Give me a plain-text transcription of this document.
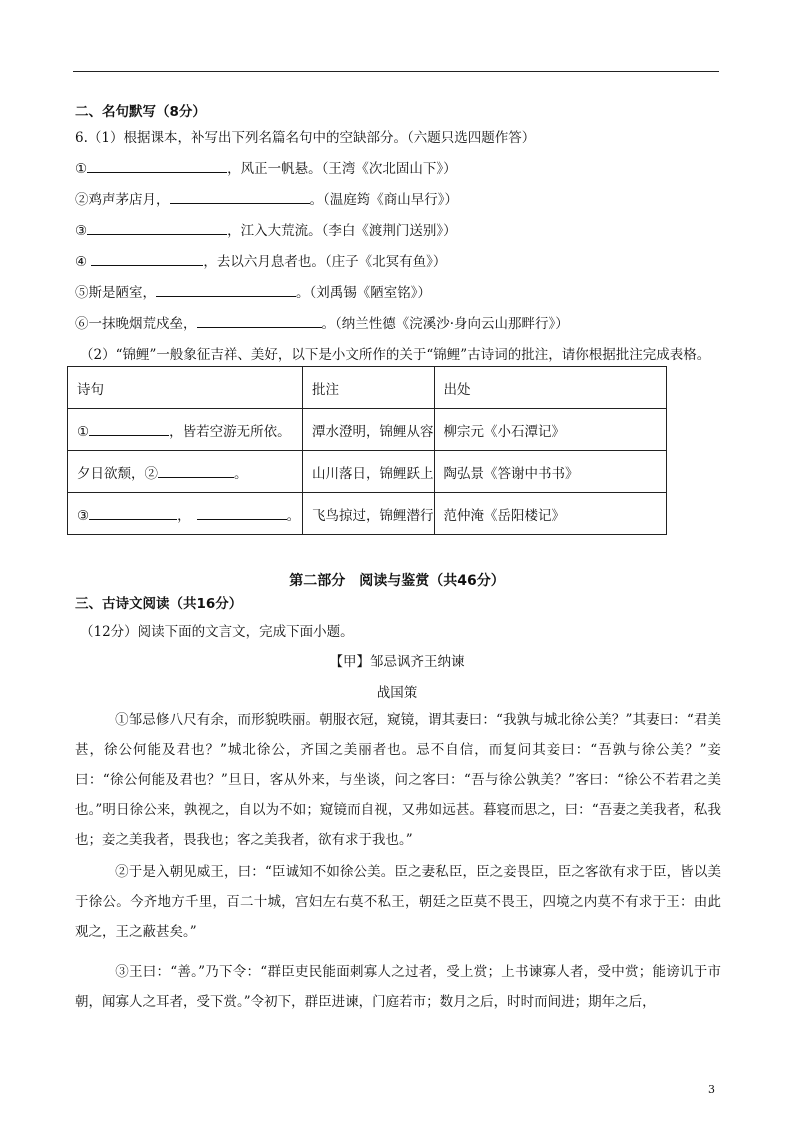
二、名句默写（8分）
6.（1）根据课本，补写出下列名篇名句中的空缺部分。（六题只选四题作答）
①	，风正一帆悬。（王湾《次北固山下》）
②鸡声茅店月，	。（温庭筠《商山早行》）
③	，江入大荒流。（李白《渡荆门送别》）
④	，去以六月息者也。（庄子《北冥有鱼》）
⑤斯是陋室，	。（刘禹锡《陋室铭》）
⑥一抹晚烟荒戍垒，	。（纳兰性德《浣溪沙·身向云山那畔行》）
（2）“锦鲤”一般象征吉祥、美好，以下是小文所作的关于“锦鲤”古诗词的批注，请你根据批注完成表格。
诗句	批注	出处
① ，皆若空游无所依。	潭水澄明，锦鲤从容	柳宗元《小石潭记》
夕日欲颓，② 。	山川落日，锦鲤跃上	陶弘景《答谢中书书》
③ ， 。	飞鸟掠过，锦鲤潜行	范仲淹《岳阳楼记》
第二部分　阅读与鉴赏（共46分）
三、古诗文阅读（共16分）
（12分）阅读下面的文言文，完成下面小题。
【甲】邹忌讽齐王纳谏
战国策
①邹忌修八尺有余，而形貌昳丽。朝服衣冠，窥镜，谓其妻曰：“我孰与城北徐公美？”其妻曰：“君美甚，徐公何能及君也？”城北徐公，齐国之美丽者也。忌不自信，而复问其妾曰：“吾孰与徐公美？”妾曰：“徐公何能及君也？”旦日，客从外来，与坐谈，问之客曰：“吾与徐公孰美？”客曰：“徐公不若君之美也。”明日徐公来，孰视之，自以为不如；窥镜而自视，又弗如远甚。暮寝而思之，曰：“吾妻之美我者，私我也；妾之美我者，畏我也；客之美我者，欲有求于我也。”
②于是入朝见威王，曰：“臣诚知不如徐公美。臣之妻私臣，臣之妾畏臣，臣之客欲有求于臣，皆以美于徐公。今齐地方千里，百二十城，宫妇左右莫不私王，朝廷之臣莫不畏王，四境之内莫不有求于王：由此观之，王之蔽甚矣。”
③王曰：“善。”乃下令：“群臣吏民能面刺寡人之过者，受上赏；上书谏寡人者，受中赏；能谤讥于市朝，闻寡人之耳者，受下赏。”令初下，群臣进谏，门庭若市；数月之后，时时而间进；期年之后，
3
